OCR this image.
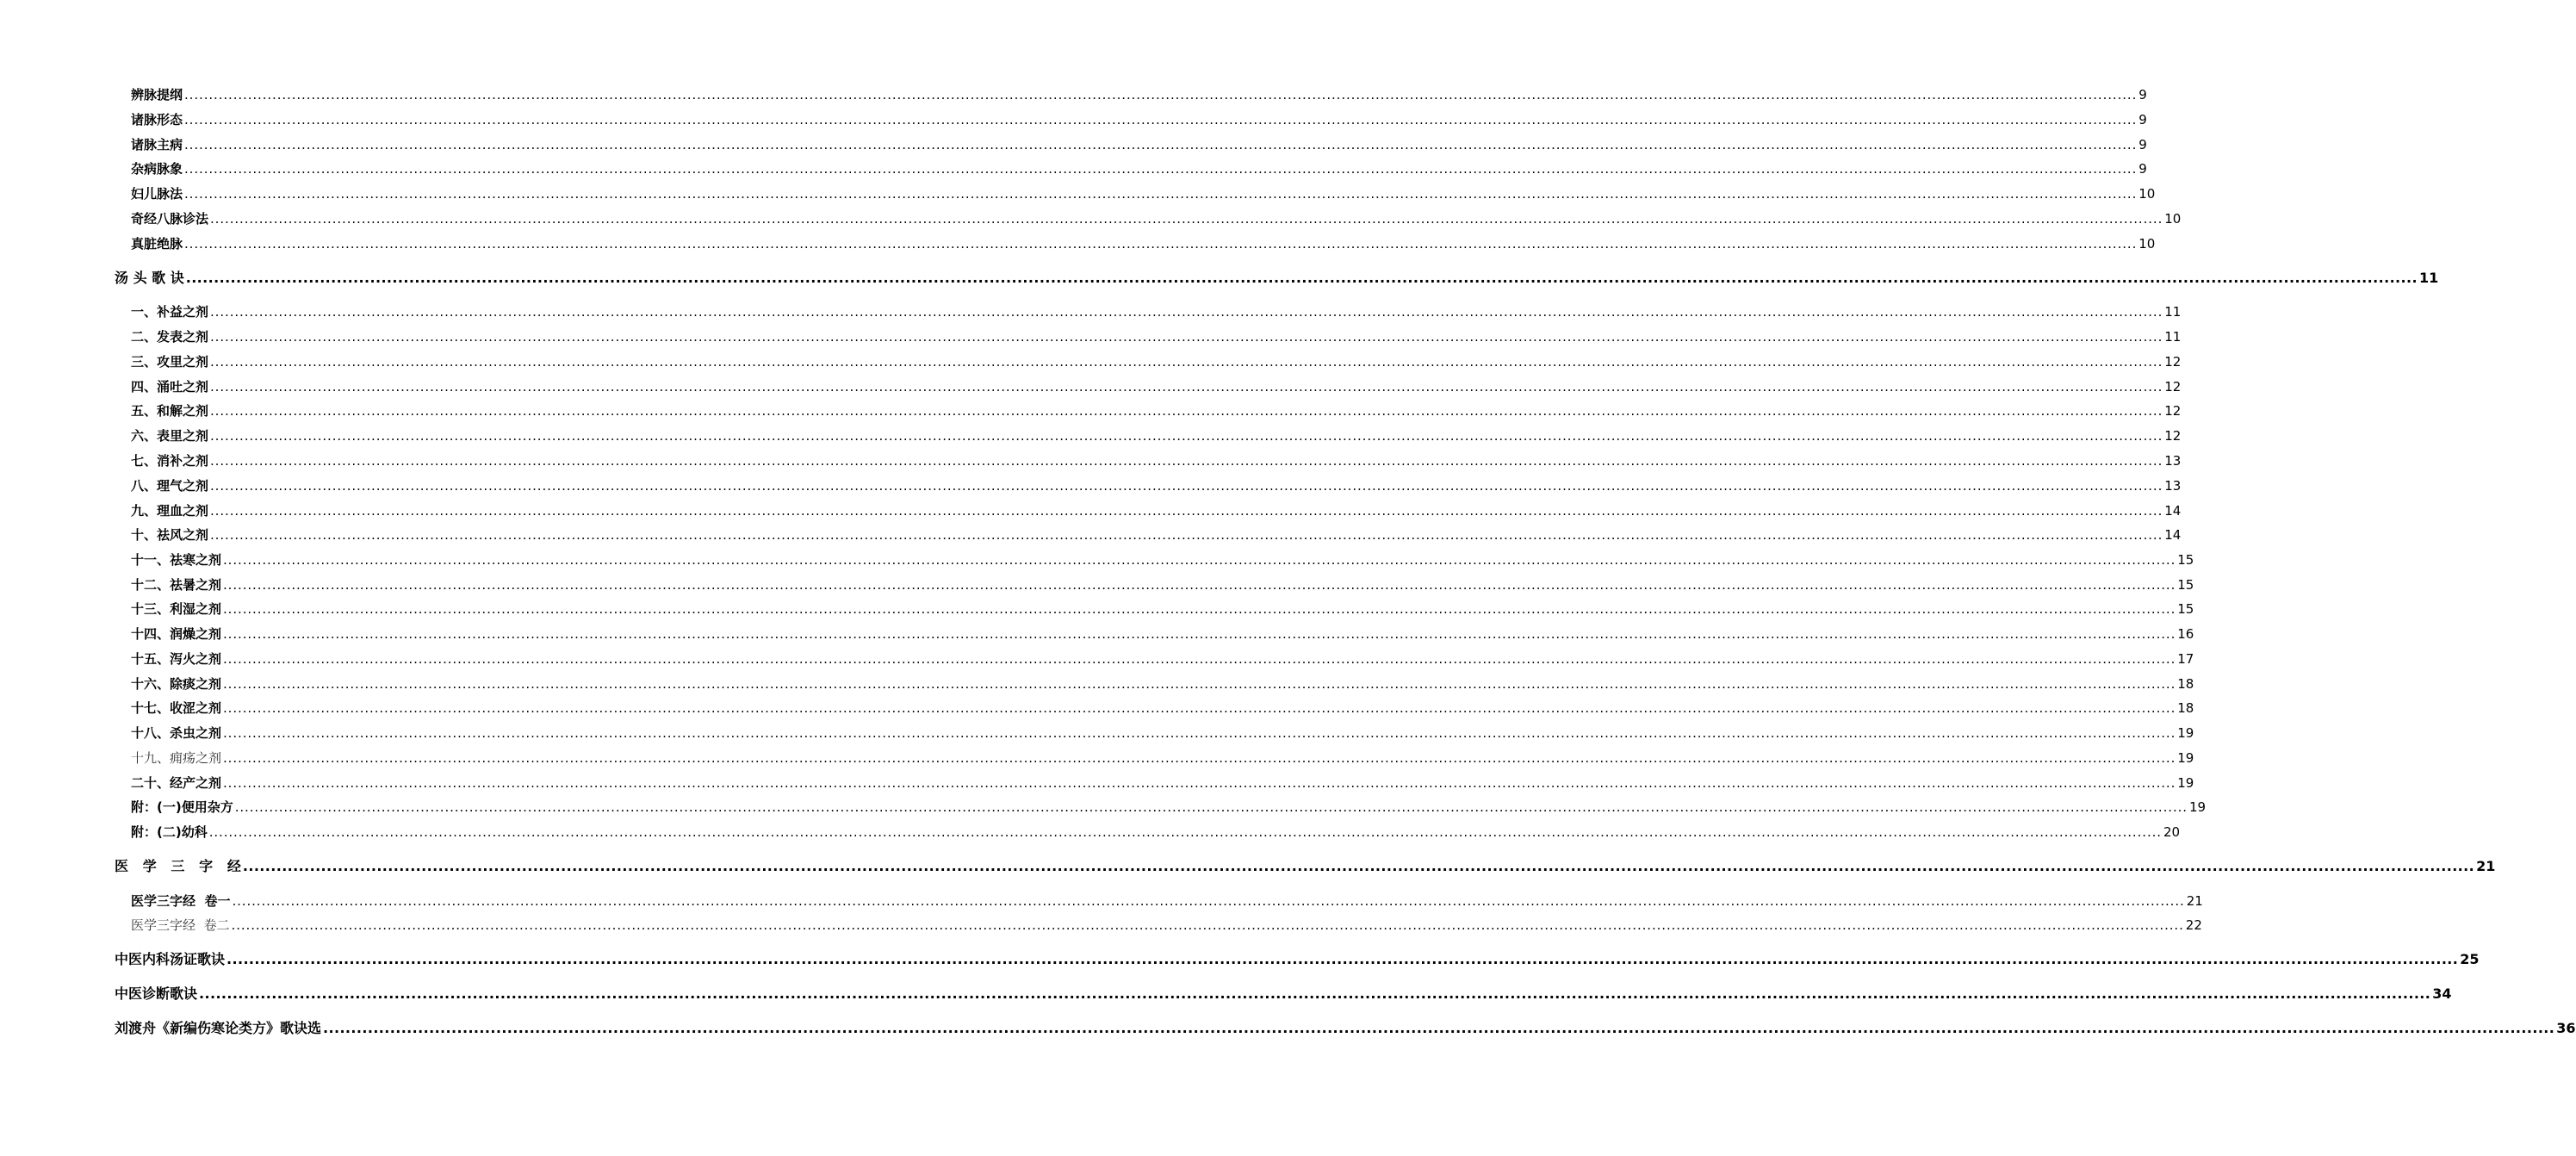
辨脉提纲 ................................................................................................................................................................................................................................................................................................................................................................................................................ 9
诸脉形态 ................................................................................................................................................................................................................................................................................................................................................................................................................ 9
诸脉主病 ................................................................................................................................................................................................................................................................................................................................................................................................................ 9
杂病脉象 ................................................................................................................................................................................................................................................................................................................................................................................................................ 9
妇儿脉法 ................................................................................................................................................................................................................................................................................................................................................................................................................ 10
奇经八脉诊法 ................................................................................................................................................................................................................................................................................................................................................................................................................ 10
真脏绝脉 ................................................................................................................................................................................................................................................................................................................................................................................................................ 10
汤 头 歌 诀 ................................................................................................................................................................................................................................................................................................................................................................................................................ 11
一、补益之剂 ................................................................................................................................................................................................................................................................................................................................................................................................................ 11
二、发表之剂 ................................................................................................................................................................................................................................................................................................................................................................................................................ 11
三、攻里之剂 ................................................................................................................................................................................................................................................................................................................................................................................................................ 12
四、涌吐之剂 ................................................................................................................................................................................................................................................................................................................................................................................................................ 12
五、和解之剂 ................................................................................................................................................................................................................................................................................................................................................................................................................ 12
六、表里之剂 ................................................................................................................................................................................................................................................................................................................................................................................................................ 12
七、消补之剂 ................................................................................................................................................................................................................................................................................................................................................................................................................ 13
八、理气之剂 ................................................................................................................................................................................................................................................................................................................................................................................................................ 13
九、理血之剂 ................................................................................................................................................................................................................................................................................................................................................................................................................ 14
十、祛风之剂 ................................................................................................................................................................................................................................................................................................................................................................................................................ 14
十一、祛寒之剂 ................................................................................................................................................................................................................................................................................................................................................................................................................ 15
十二、祛暑之剂 ................................................................................................................................................................................................................................................................................................................................................................................................................ 15
十三、利湿之剂 ................................................................................................................................................................................................................................................................................................................................................................................................................ 15
十四、润燥之剂 ................................................................................................................................................................................................................................................................................................................................................................................................................ 16
十五、泻火之剂 ................................................................................................................................................................................................................................................................................................................................................................................................................ 17
十六、除痰之剂 ................................................................................................................................................................................................................................................................................................................................................................................................................ 18
十七、收涩之剂 ................................................................................................................................................................................................................................................................................................................................................................................................................ 18
十八、杀虫之剂 ................................................................................................................................................................................................................................................................................................................................................................................................................ 19
十九、痈疡之剂 ................................................................................................................................................................................................................................................................................................................................................................................................................ 19
二十、经产之剂 ................................................................................................................................................................................................................................................................................................................................................................................................................ 19
附：(一)便用杂方 ................................................................................................................................................................................................................................................................................................................................................................................................................ 19
附：(二)幼科 ................................................................................................................................................................................................................................................................................................................................................................................................................ 20
医   学   三   字   经 ................................................................................................................................................................................................................................................................................................................................................................................................................ 21
医学三字经  卷一 ................................................................................................................................................................................................................................................................................................................................................................................................................ 21
医学三字经  卷二 ................................................................................................................................................................................................................................................................................................................................................................................................................ 22
中医内科汤证歌诀 ................................................................................................................................................................................................................................................................................................................................................................................................................ 25
中医诊断歌诀 ................................................................................................................................................................................................................................................................................................................................................................................................................ 34
刘渡舟《新编伤寒论类方》歌诀选 ................................................................................................................................................................................................................................................................................................................................................................................................................ 36
